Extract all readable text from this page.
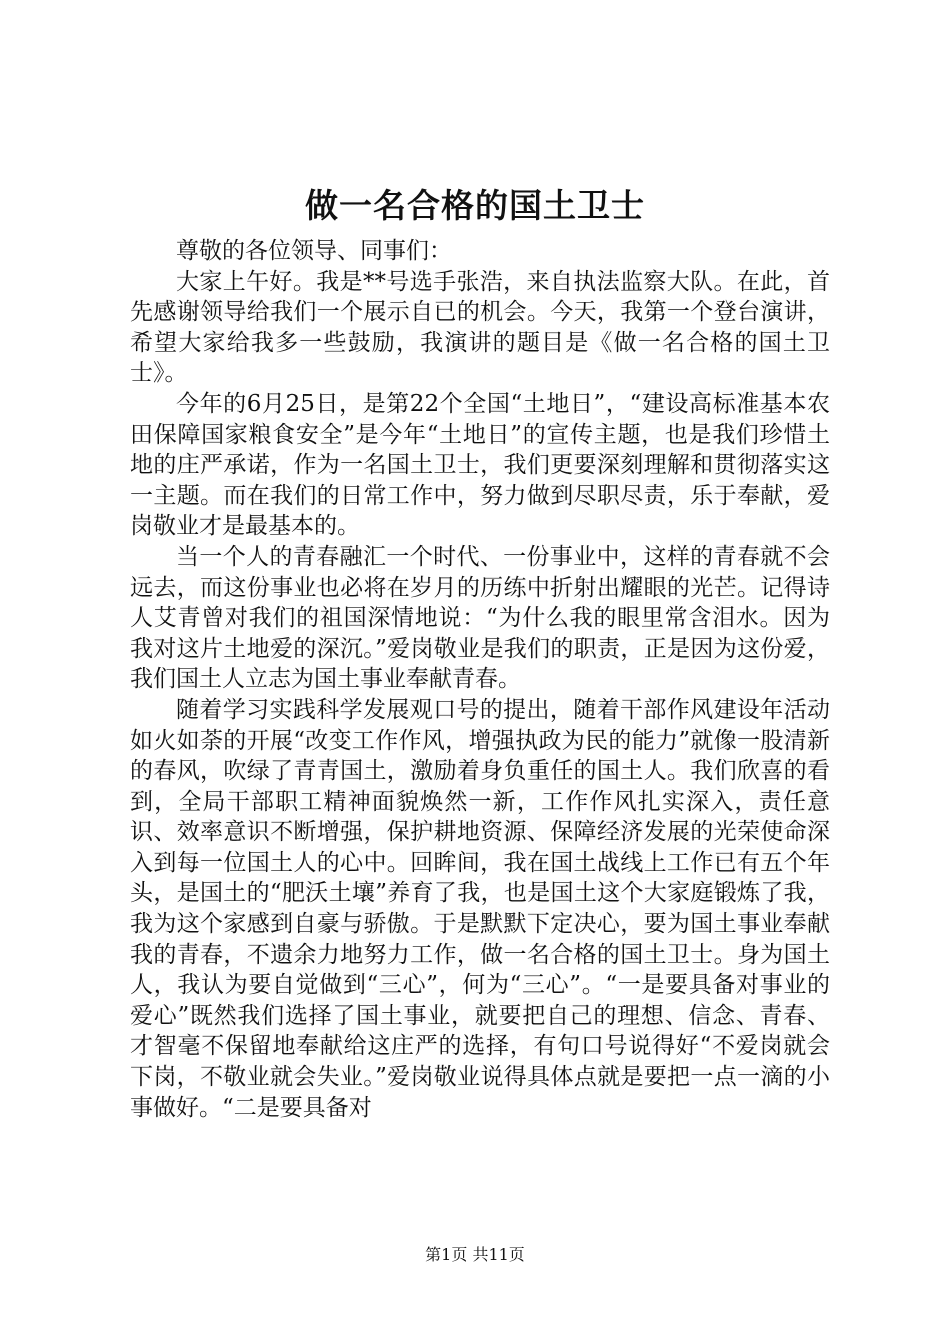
做一名合格的国土卫士

尊敬的各位领导、同事们：

大家上午好。我是**号选手张浩，来自执法监察大队。在此，首先感谢领导给我们一个展示自已的机会。今天，我第一个登台演讲，希望大家给我多一些鼓励，我演讲的题目是《做一名合格的国土卫士》。

今年的6月25日，是第22个全国“土地日”，“建设高标准基本农田保障国家粮食安全”是今年“土地日”的宣传主题，也是我们珍惜土地的庄严承诺，作为一名国土卫士，我们更要深刻理解和贯彻落实这一主题。而在我们的日常工作中，努力做到尽职尽责，乐于奉献，爱岗敬业才是最基本的。

当一个人的青春融汇一个时代、一份事业中，这样的青春就不会远去，而这份事业也必将在岁月的历练中折射出耀眼的光芒。记得诗人艾青曾对我们的祖国深情地说：“为什么我的眼里常含泪水。因为我对这片土地爱的深沉。”爱岗敬业是我们的职责，正是因为这份爱，我们国土人立志为国土事业奉献青春。

随着学习实践科学发展观口号的提出，随着干部作风建设年活动如火如荼的开展“改变工作作风，增强执政为民的能力”就像一股清新的春风，吹绿了青青国土，激励着身负重任的国土人。我们欣喜的看到，全局干部职工精神面貌焕然一新，工作作风扎实深入，责任意识、效率意识不断增强，保护耕地资源、保障经济发展的光荣使命深入到每一位国土人的心中。回眸间，我在国土战线上工作已有五个年头，是国土的“肥沃土壤”养育了我，也是国土这个大家庭锻炼了我，我为这个家感到自豪与骄傲。于是默默下定决心，要为国土事业奉献我的青春，不遗余力地努力工作，做一名合格的国土卫士。身为国土人，我认为要自觉做到“三心”，何为“三心”。“一是要具备对事业的爱心”既然我们选择了国土事业，就要把自己的理想、信念、青春、才智毫不保留地奉献给这庄严的选择，有句口号说得好“不爱岗就会下岗，不敬业就会失业。”爱岗敬业说得具体点就是要把一点一滴的小事做好。“二是要具备对

第1页 共11页
